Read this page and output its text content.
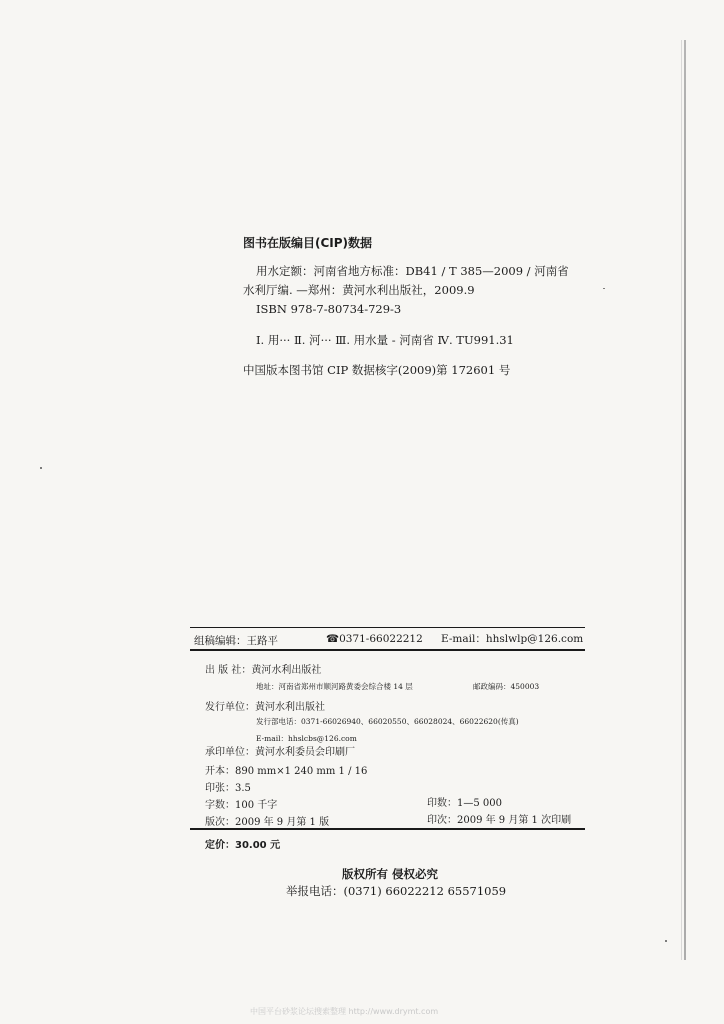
图书在版编目(CIP)数据
用水定额：河南省地方标准：DB41 / T 385—2009 / 河南省
水利厅编. —郑州：黄河水利出版社，2009.9
ISBN 978-7-80734-729-3
Ⅰ. 用··· Ⅱ. 河··· Ⅲ. 用水量 - 河南省 Ⅳ. TU991.31
中国版本图书馆 CIP 数据核字(2009)第 172601 号
组稿编辑：王路平	☎0371-66022212 E-mail：hhslwlp@126.com
出 版 社：黄河水利出版社
地址：河南省郑州市顺河路黄委会综合楼 14 层	邮政编码：450003
发行单位：黄河水利出版社
发行部电话：0371-66026940、66020550、66028024、66022620(传真)
E-mail：hhslcbs@126.com
承印单位：黄河水利委员会印刷厂
开本：890 mm×1 240 mm 1 / 16
印张：3.5
字数：100 千字	印数：1—5 000
版次：2009 年 9 月第 1 版	印次：2009 年 9 月第 1 次印刷
定价：30.00 元
版权所有 侵权必究
举报电话：(0371) 66022212 65571059
中国平台砂浆论坛搜索整理 http://www.drymt.com
